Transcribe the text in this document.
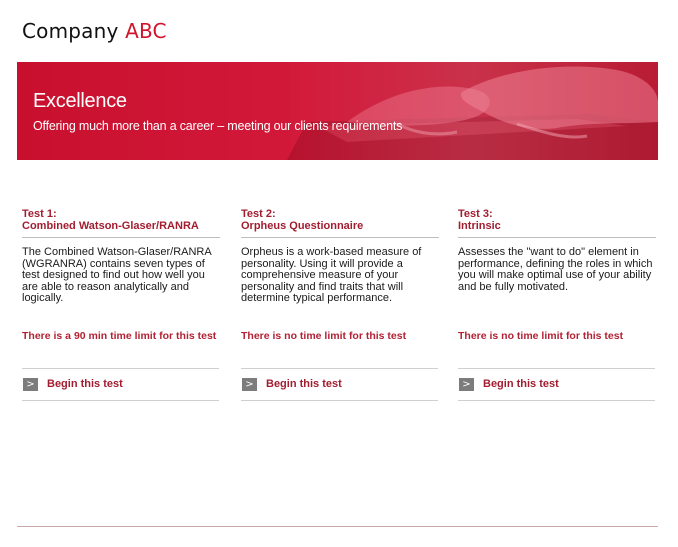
Company ABC
Excellence
Offering much more than a career – meeting our clients requirements
Test 1:
Combined Watson-Glaser/RANRA
The Combined Watson-Glaser/RANRA (WGRANRA) contains seven types of test designed to find out how well you are able to reason analytically and logically.
There is a 90 min time limit for this test
>	Begin this test
Test 2:
Orpheus Questionnaire
Orpheus is a work-based measure of personality. Using it will provide a comprehensive measure of your personality and find traits that will determine typical performance.
There is no time limit for this test
>	Begin this test
Test 3:
Intrinsic
Assesses the "want to do" element in performance, defining the roles in which you will make optimal use of your ability and be fully motivated.
There is no time limit for this test
>	Begin this test
